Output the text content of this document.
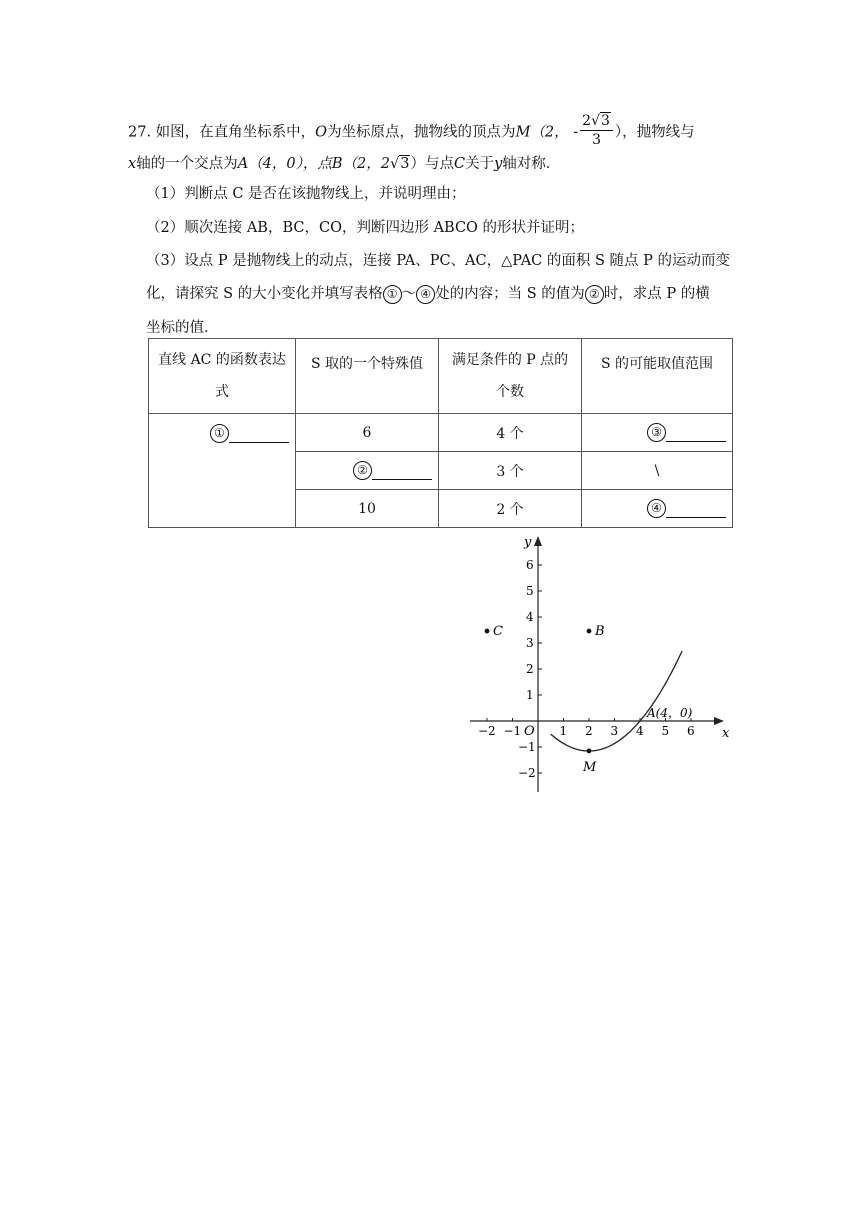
27. 如图，在直角坐标系中，O为坐标原点，抛物线的顶点为M（2， - $\frac{2√3}{3}$ ），抛物线与
x轴的一个交点为A（4，0），点B（2，2√3）与点C关于y轴对称．
（1）判断点 C 是否在该抛物线上，并说明理由；
（2）顺次连接 AB，BC，CO，判断四边形 ABCO 的形状并证明；
（3）设点 P 是抛物线上的动点，连接 PA、PC、AC，△PAC 的面积 S 随点 P 的运动而变
化，请探究 S 的大小变化并填写表格 ① ～ ④ 处的内容；当 S 的值为 ② 时，求点 P 的横
坐标的值．
直线 AC 的函数表达式	S 取的一个特殊值	满足条件的 P 点的个数	S 的可能取值范围
①	6	4 个	③
	②	3 个	\
	10	2 个	④
x
y
O
−2 −1	1 2 3 4 5 6
6
5
4
3
2
1
−1
−2
C	B
M
A(4，0)
